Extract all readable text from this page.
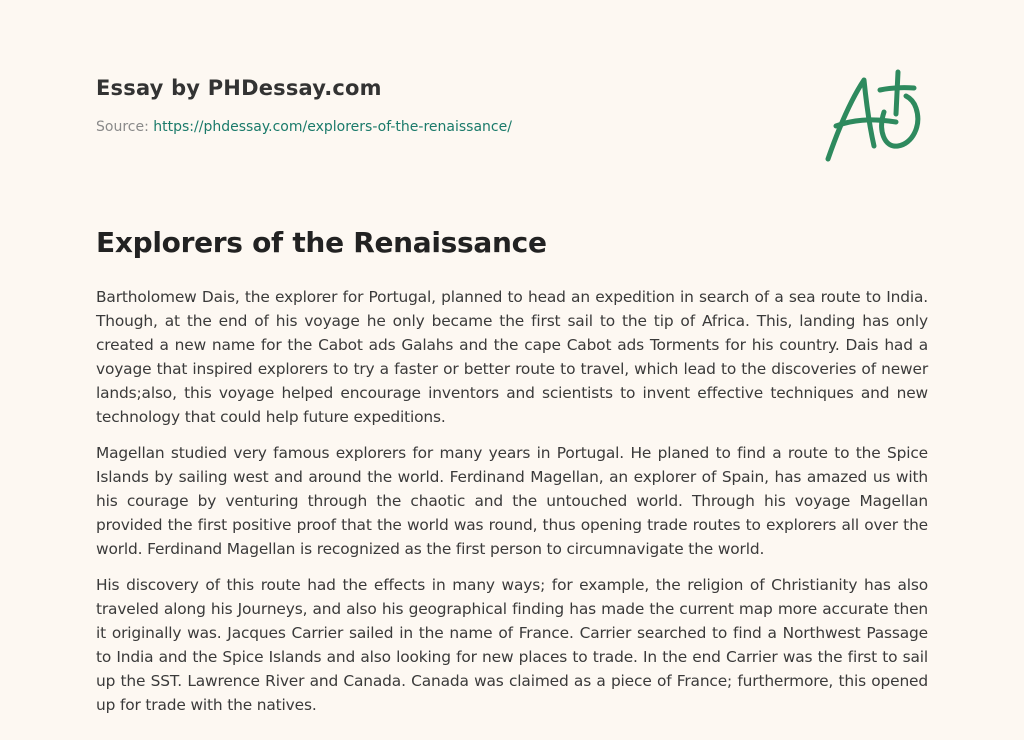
Essay by PHDessay.com
Source: https://phdessay.com/explorers-of-the-renaissance/
Explorers of the Renaissance

Bartholomew Dais, the explorer for Portugal, planned to head an expedition in search of a sea route to India. Though, at the end of his voyage he only became the first sail to the tip of Africa. This, landing has only created a new name for the Cabot ads Galahs and the cape Cabot ads Torments for his country. Dais had a voyage that inspired explorers to try a faster or better route to travel, which lead to the discoveries of newer lands;also, this voyage helped encourage inventors and scientists to invent effective techniques and new technology that could help future expeditions.

Magellan studied very famous explorers for many years in Portugal. He planed to find a route to the Spice Islands by sailing west and around the world. Ferdinand Magellan, an explorer of Spain, has amazed us with his courage by venturing through the chaotic and the untouched world. Through his voyage Magellan provided the first positive proof that the world was round, thus opening trade routes to explorers all over the world. Ferdinand Magellan is recognized as the first person to circumnavigate the world.

His discovery of this route had the effects in many ways; for example, the religion of Christianity has also traveled along his Journeys, and also his geographical finding has made the current map more accurate then it originally was. Jacques Carrier sailed in the name of France. Carrier searched to find a Northwest Passage to India and the Spice Islands and also looking for new places to trade. In the end Carrier was the first to sail up the SST. Lawrence River and Canada. Canada was claimed as a piece of France; furthermore, this opened up for trade with the natives.
